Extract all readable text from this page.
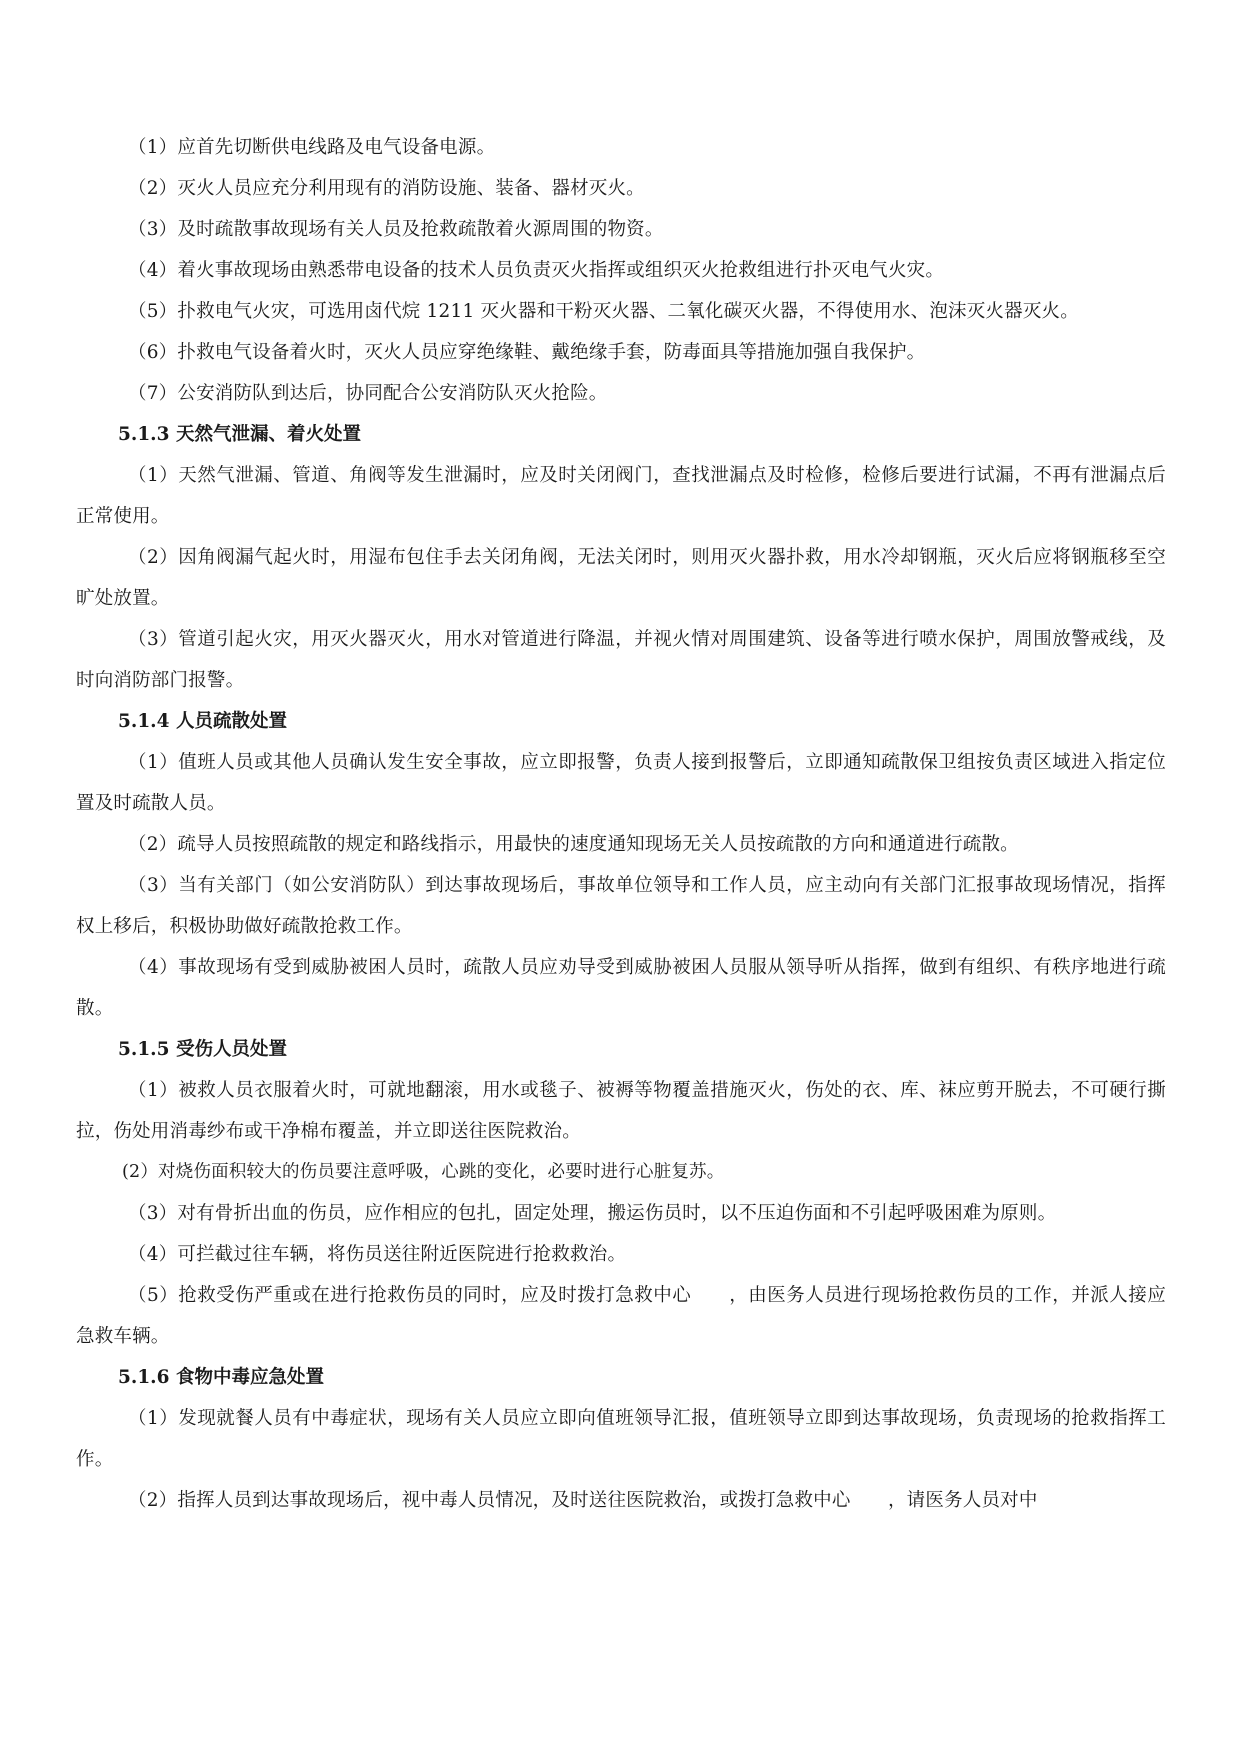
（1）应首先切断供电线路及电气设备电源。

（2）灭火人员应充分利用现有的消防设施、装备、器材灭火。

（3）及时疏散事故现场有关人员及抢救疏散着火源周围的物资。

（4）着火事故现场由熟悉带电设备的技术人员负责灭火指挥或组织灭火抢救组进行扑灭电气火灾。

（5）扑救电气火灾，可选用卤代烷 1211 灭火器和干粉灭火器、二氧化碳灭火器，不得使用水、泡沫灭火器灭火。

（6）扑救电气设备着火时，灭火人员应穿绝缘鞋、戴绝缘手套，防毒面具等措施加强自我保护。

（7）公安消防队到达后，协同配合公安消防队灭火抢险。

5.1.3 天然气泄漏、着火处置

（1）天然气泄漏、管道、角阀等发生泄漏时，应及时关闭阀门，查找泄漏点及时检修，检修后要进行试漏，不再有泄漏点后正常使用。

（2）因角阀漏气起火时，用湿布包住手去关闭角阀，无法关闭时，则用灭火器扑救，用水冷却钢瓶，灭火后应将钢瓶移至空旷处放置。

（3）管道引起火灾，用灭火器灭火，用水对管道进行降温，并视火情对周围建筑、设备等进行喷水保护，周围放警戒线，及时向消防部门报警。

5.1.4 人员疏散处置

（1）值班人员或其他人员确认发生安全事故，应立即报警，负责人接到报警后，立即通知疏散保卫组按负责区域进入指定位置及时疏散人员。

（2）疏导人员按照疏散的规定和路线指示，用最快的速度通知现场无关人员按疏散的方向和通道进行疏散。

（3）当有关部门（如公安消防队）到达事故现场后，事故单位领导和工作人员，应主动向有关部门汇报事故现场情况，指挥权上移后，积极协助做好疏散抢救工作。

（4）事故现场有受到威胁被困人员时，疏散人员应劝导受到威胁被困人员服从领导听从指挥，做到有组织、有秩序地进行疏散。

5.1.5 受伤人员处置

（1）被救人员衣服着火时，可就地翻滚，用水或毯子、被褥等物覆盖措施灭火，伤处的衣、库、袜应剪开脱去，不可硬行撕拉，伤处用消毒纱布或干净棉布覆盖，并立即送往医院救治。

(2）对烧伤面积较大的伤员要注意呼吸，心跳的变化，必要时进行心脏复苏。

（3）对有骨折出血的伤员，应作相应的包扎，固定处理，搬运伤员时，以不压迫伤面和不引起呼吸困难为原则。

（4）可拦截过往车辆，将伤员送往附近医院进行抢救救治。

（5）抢救受伤严重或在进行抢救伤员的同时，应及时拨打急救中心　　，由医务人员进行现场抢救伤员的工作，并派人接应急救车辆。

5.1.6 食物中毒应急处置

（1）发现就餐人员有中毒症状，现场有关人员应立即向值班领导汇报，值班领导立即到达事故现场，负责现场的抢救指挥工作。

（2）指挥人员到达事故现场后，视中毒人员情况，及时送往医院救治，或拨打急救中心　　，请医务人员对中
